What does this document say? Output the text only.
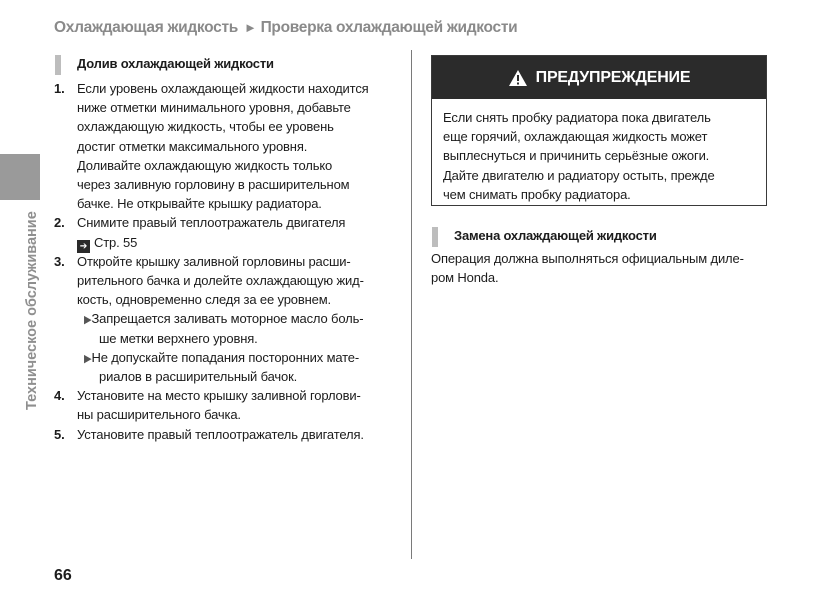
Охлаждающая жидкость ► Проверка охлаждающей жидкости
Техническое обслуживание
Долив охлаждающей жидкости
1. Если уровень охлаждающей жидкости находится
ниже отметки минимального уровня, добавьте
охлаждающую жидкость, чтобы ее уровень
достиг отметки максимального уровня.
Доливайте охлаждающую жидкость только
через заливную горловину в расширительном
бачке. Не открывайте крышку радиатора.
2. Снимите правый теплоотражатель двигателя
➔ Стр. 55
3. Откройте крышку заливной горловины расши-
рительного бачка и долейте охлаждающую жид-
кость, одновременно следя за ее уровнем.
▶Запрещается заливать моторное масло боль-
ше метки верхнего уровня.
▶Не допускайте попадания посторонних мате-
риалов в расширительный бачок.
4. Установите на место крышку заливной горлови-
ны расширительного бачка.
5. Установите правый теплоотражатель двигателя.
ПРЕДУПРЕЖДЕНИЕ
Если снять пробку радиатора пока двигатель
еще горячий, охлаждающая жидкость может
выплеснуться и причинить серьёзные ожоги.
Дайте двигателю и радиатору остыть, прежде
чем снимать пробку радиатора.
Замена охлаждающей жидкости
Операция должна выполняться официальным диле-
ром Honda.
66
